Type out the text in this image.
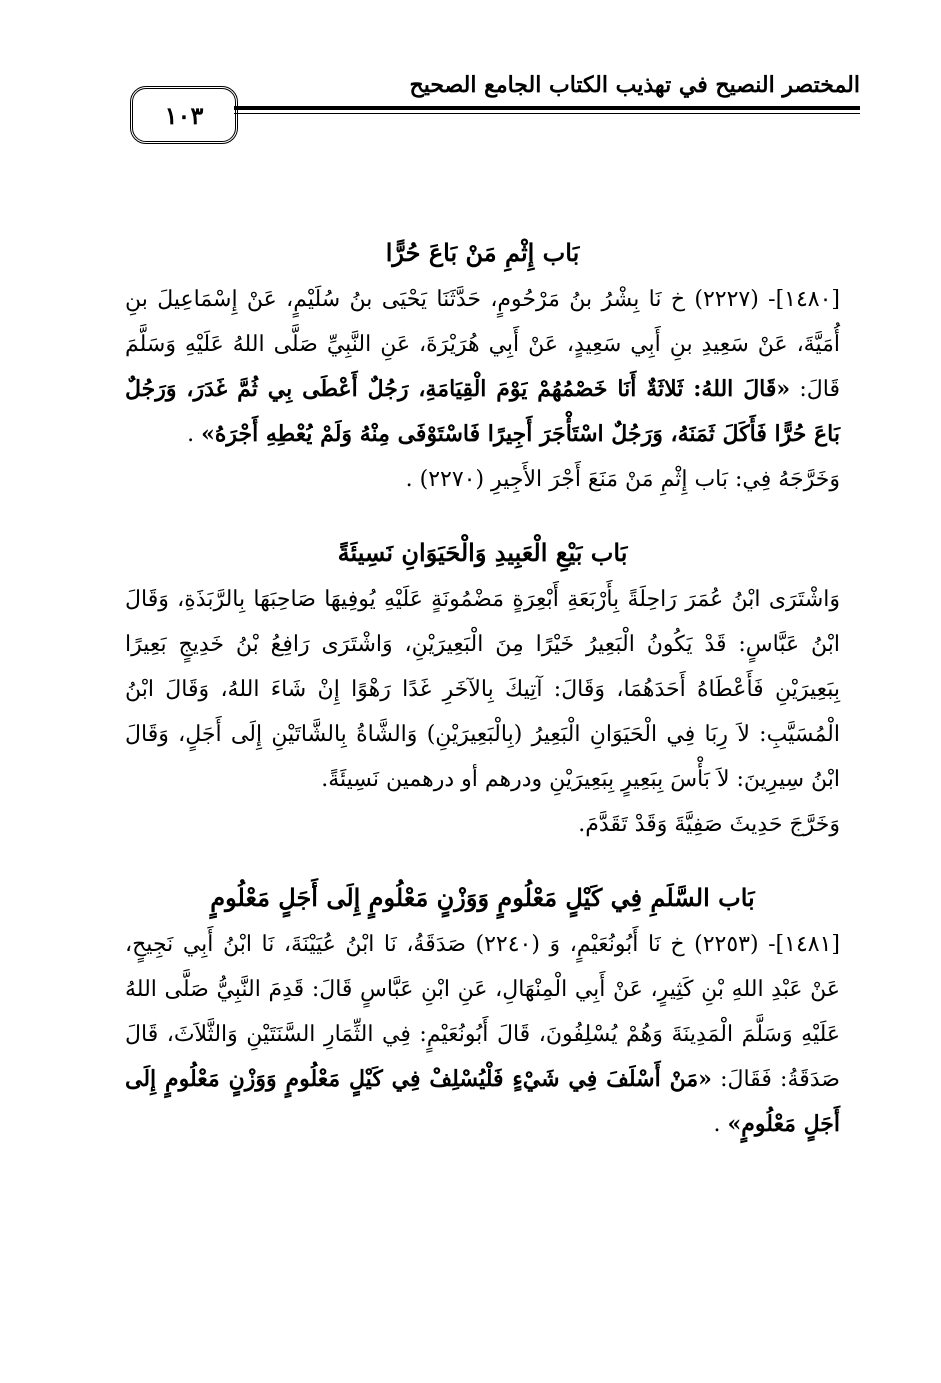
١٠٣
المختصر النصيح في تهذيب الكتاب الجامع الصحيح
بَاب إِثْمِ مَنْ بَاعَ حُرًّا

[١٤٨٠]- (٢٢٢٧) خ نَا بِشْرُ بنُ مَرْحُومٍ، حَدَّثَنَا يَحْيَى بنُ سُلَيْمٍ، عَنْ إِسْمَاعِيلَ بنِ أُمَيَّةَ، عَنْ سَعِيدِ بنِ أَبِي سَعِيدٍ، عَنْ أَبِي هُرَيْرَةَ، عَنِ النَّبِيِّ صَلَّى اللهُ عَلَيْهِ وَسَلَّمَ قَالَ: «قَالَ اللهُ: ثَلاثَةٌ أَنَا خَصْمُهُمْ يَوْمَ الْقِيَامَةِ، رَجُلٌ أَعْطَى بِي ثُمَّ غَدَرَ، وَرَجُلٌ بَاعَ حُرًّا فَأَكَلَ ثَمَنَهُ، وَرَجُلٌ اسْتَأْجَرَ أَجِيرًا فَاسْتَوْفَى مِنْهُ وَلَمْ يُعْطِهِ أَجْرَهُ» .

وَخَرَّجَهُ فِي: بَاب إِثْمِ مَنْ مَنَعَ أَجْرَ الأَجِيرِ (٢٢٧٠) .

بَاب بَيْعِ الْعَبِيدِ وَالْحَيَوَانِ نَسِيئَةً

وَاشْتَرَى ابْنُ عُمَرَ رَاحِلَةً بِأَرْبَعَةِ أَبْعِرَةٍ مَضْمُونَةٍ عَلَيْهِ يُوفِيهَا صَاحِبَهَا بِالرَّبَذَةِ، وَقَالَ ابْنُ عَبَّاسٍ: قَدْ يَكُونُ الْبَعِيرُ خَيْرًا مِنَ الْبَعِيرَيْنِ، وَاشْتَرَى رَافِعُ بْنُ خَدِيجٍ بَعِيرًا بِبَعِيرَيْنِ فَأَعْطَاهُ أَحَدَهُمَا، وَقَالَ: آتِيكَ بِالآخَرِ غَدًا رَهْوًا إِنْ شَاءَ اللهُ، وَقَالَ ابْنُ الْمُسَيَّبِ: لاَ رِبَا فِي الْحَيَوَانِ الْبَعِيرُ (بِالْبَعِيرَيْنِ) وَالشَّاةُ بِالشَّاتَيْنِ إِلَى أَجَلٍ، وَقَالَ ابْنُ سِيرِينَ: لاَ بَأْسَ بِبَعِيرٍ بِبَعِيرَيْنِ ودرهم أو درهمين نَسِيئَةً.

وَخَرَّجَ حَدِيثَ صَفِيَّةَ وَقَدْ تَقَدَّمَ.

بَاب السَّلَمِ فِي كَيْلٍ مَعْلُومٍ وَوَزْنٍ مَعْلُومٍ إِلَى أَجَلٍ مَعْلُومٍ

[١٤٨١]- (٢٢٥٣) خ نَا أَبُونُعَيْمٍ، وَ (٢٢٤٠) صَدَقَةُ، نَا ابْنُ عُيَيْنَةَ، نَا ابْنُ أَبِي نَجِيحٍ، عَنْ عَبْدِ اللهِ بْنِ كَثِيرٍ، عَنْ أَبِي الْمِنْهَالِ، عَنِ ابْنِ عَبَّاسٍ قَالَ: قَدِمَ النَّبِيُّ صَلَّى اللهُ عَلَيْهِ وَسَلَّمَ الْمَدِينَةَ وَهُمْ يُسْلِفُونَ، قَالَ أَبُونُعَيْمٍ: فِي الثِّمَارِ السَّنَتَيْنِ وَالثَّلاَثَ، قَالَ صَدَقَةُ: فَقَالَ: «مَنْ أَسْلَفَ فِي شَيْءٍ فَلْيُسْلِفْ فِي كَيْلٍ مَعْلُومٍ وَوَزْنٍ مَعْلُومٍ إِلَى أَجَلٍ مَعْلُومٍ» .
